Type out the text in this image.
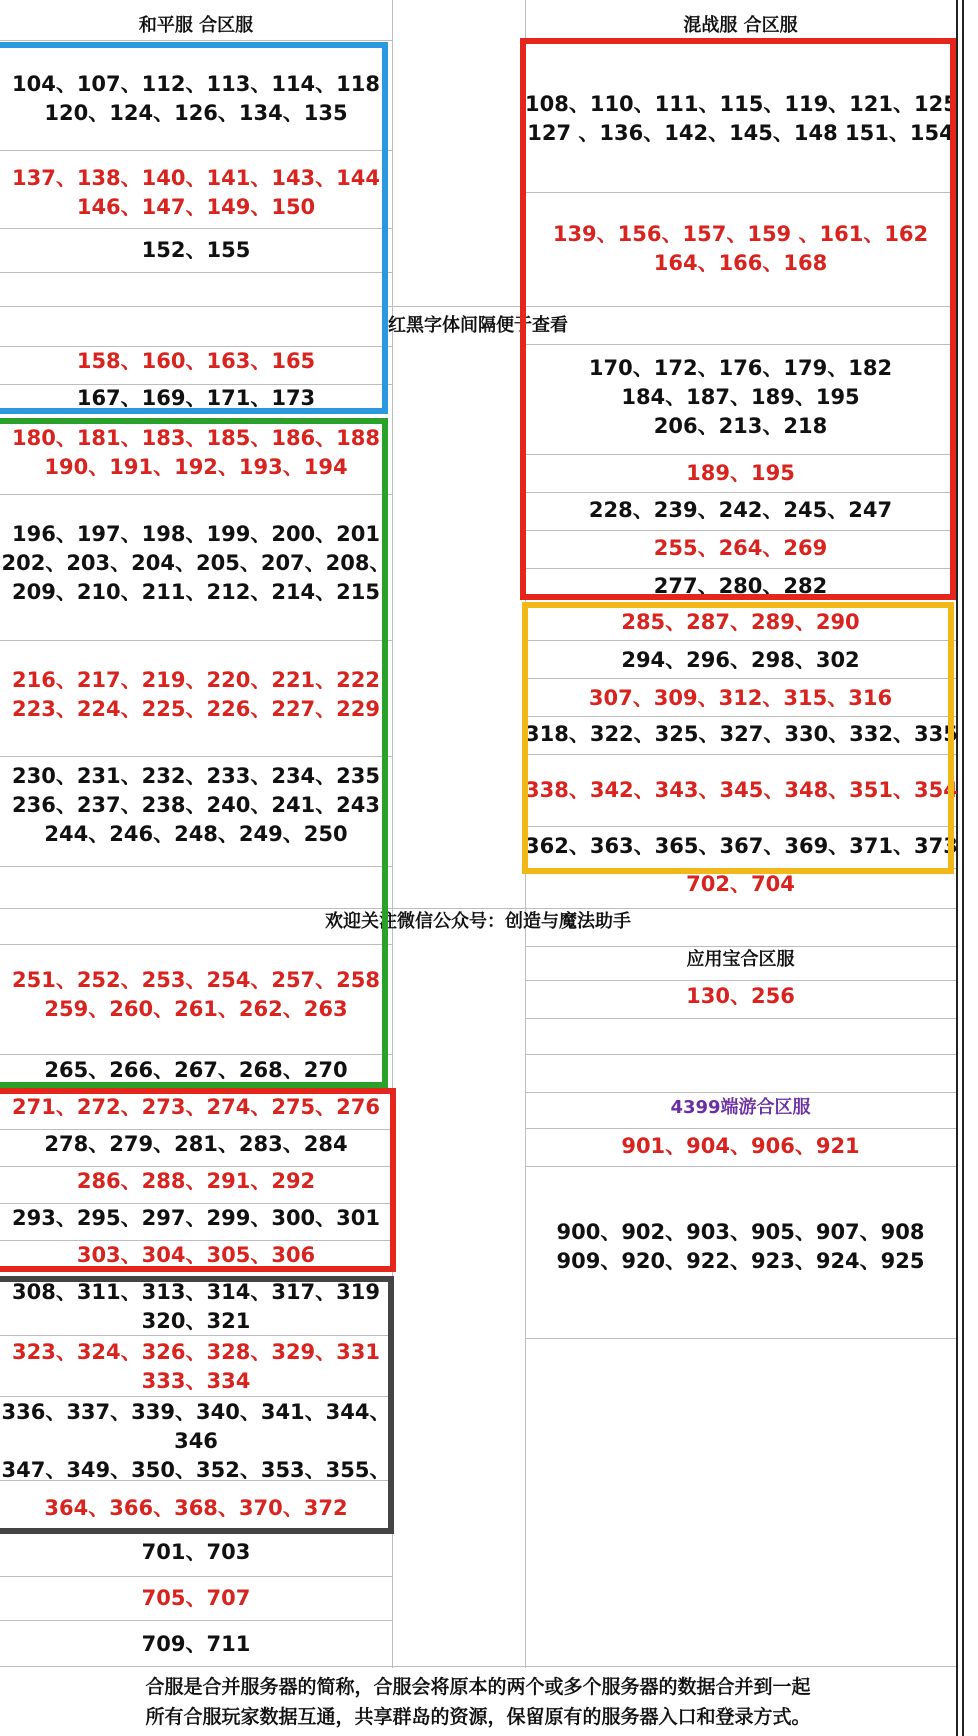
和平服 合区服	混战服 合区服
104、107、112、113、114、118
120、124、126、134、135
137、138、140、141、143、144
146、147、149、150
152、155
158、160、163、165
167、169、171、173
180、181、183、185、186、188
190、191、192、193、194
196、197、198、199、200、201
202、203、204、205、207、208、
209、210、211、212、214、215
216、217、219、220、221、222
223、224、225、226、227、229
230、231、232、233、234、235
236、237、238、240、241、243
244、246、248、249、250
251、252、253、254、257、258
259、260、261、262、263
265、266、267、268、270
271、272、273、274、275、276
278、279、281、283、284
286、288、291、292
293、295、297、299、300、301
303、304、305、306
308、311、313、314、317、319
320、321
323、324、326、328、329、331
333、334
336、337、339、340、341、344、
346
347、349、350、352、353、355、
364、366、368、370、372
701、703
705、707
709、711
108、110、111、115、119、121、125
127 、136、142、145、148 151、154
139、156、157、159 、161、162
164、166、168
170、172、176、179、182
184、187、189、195
206、213、218
189、195
228、239、242、245、247
255、264、269
277、280、282
285、287、289、290
294、296、298、302
307、309、312、315、316
318、322、325、327、330、332、335
338、342、343、345、348、351、354
362、363、365、367、369、371、373
702、704
应用宝合区服
130、256
4399端游合区服
901、904、906、921
900、902、903、905、907、908
909、920、922、923、924、925
红黑字体间隔便于查看
欢迎关注微信公众号：创造与魔法助手
合服是合并服务器的简称，合服会将原本的两个或多个服务器的数据合并到一起
所有合服玩家数据互通，共享群岛的资源，保留原有的服务器入口和登录方式。
